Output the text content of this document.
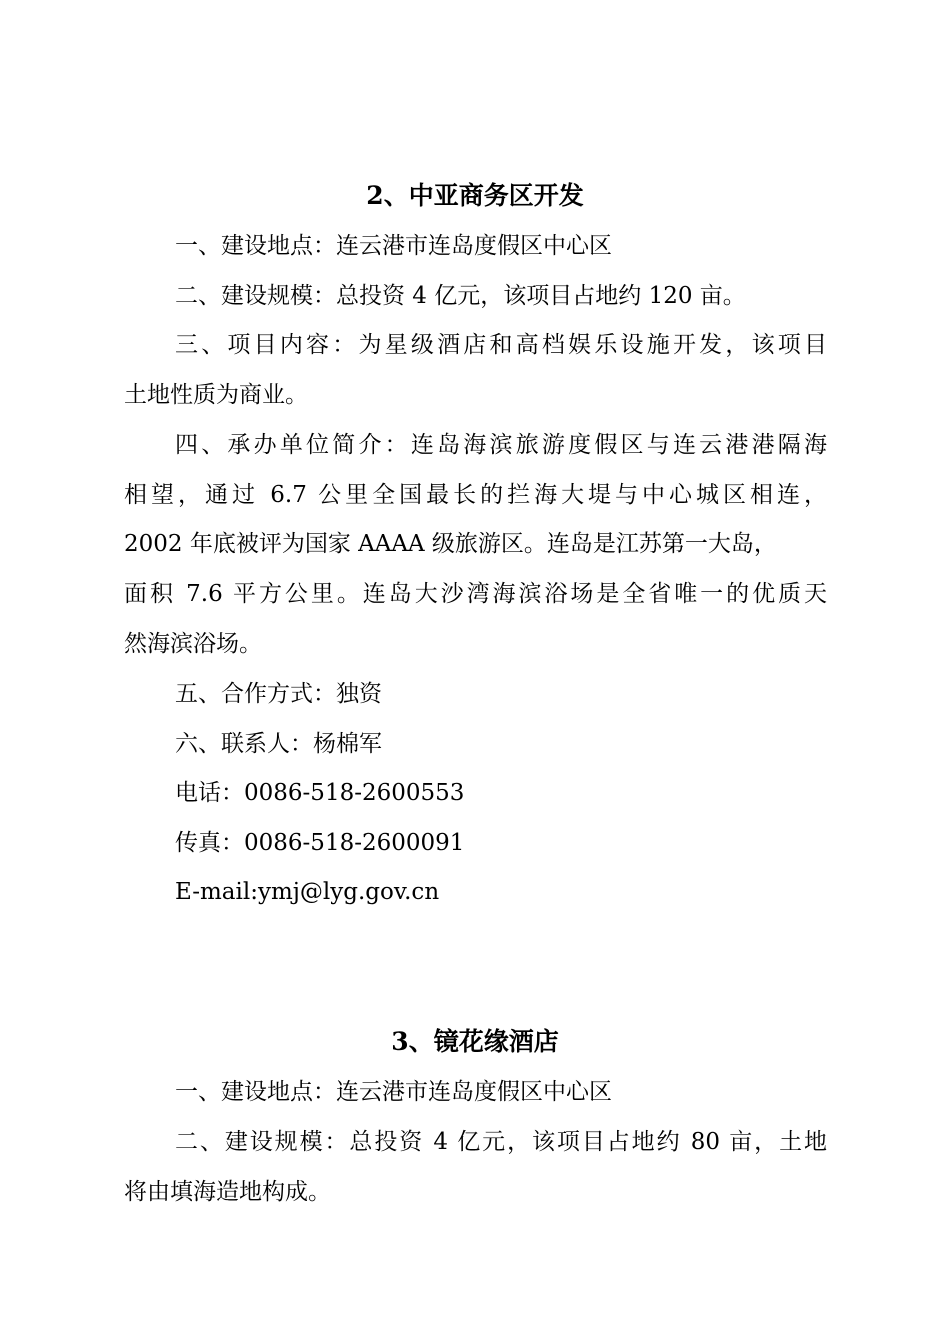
2、中亚商务区开发
一、建设地点：连云港市连岛度假区中心区
二、建设规模：总投资 4 亿元，该项目占地约 120 亩。
三、项目内容：为星级酒店和高档娱乐设施开发，该项目
土地性质为商业。
四、承办单位简介：连岛海滨旅游度假区与连云港港隔海
相望，通过 6.7 公里全国最长的拦海大堤与中心城区相连，
2002 年底被评为国家 AAAA 级旅游区。连岛是江苏第一大岛，
面积 7.6 平方公里。连岛大沙湾海滨浴场是全省唯一的优质天
然海滨浴场。
五、合作方式：独资
六、联系人：杨棉军
电话：0086-518-2600553
传真：0086-518-2600091
E-mail:ymj@lyg.gov.cn
3、镜花缘酒店
一、建设地点：连云港市连岛度假区中心区
二、建设规模：总投资 4 亿元，该项目占地约 80 亩，土地
将由填海造地构成。
